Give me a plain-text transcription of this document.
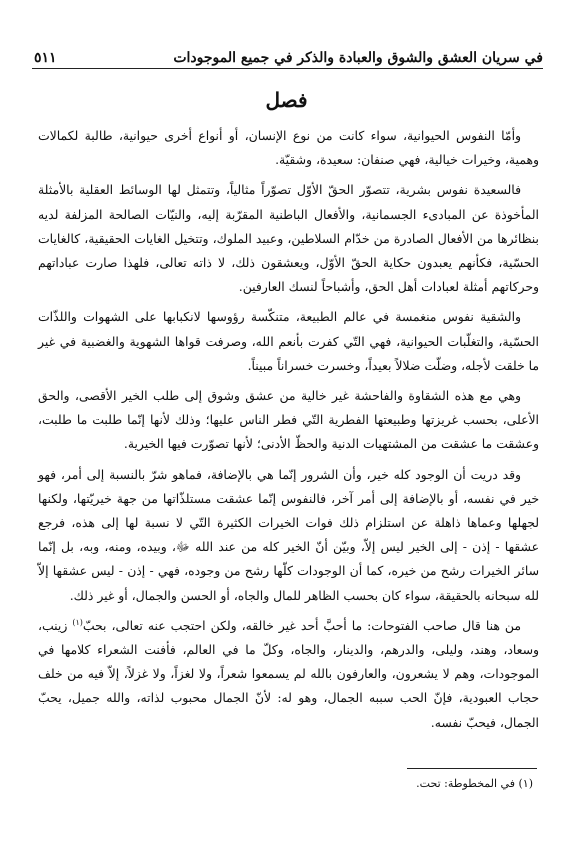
في سريان العشق والشوق والعبادة والذكر في جميع الموجودات
٥١١
فصل

وأمّا النفوس الحيوانية، سواء كانت من نوع الإنسان، أو أنواع أخرى حيوانية، طالبة لكمالات وهمية، وخيرات خيالية، فهي صنفان: سعيدة، وشقيّة.

فالسعيدة نفوس بشرية، تتصوّر الحقّ الأوّل تصوّراً مثالياً، وتتمثل لها الوسائط العقلية بالأمثلة المأخوذة عن المبادىء الجسمانية، والأفعال الباطنية المقرّبة إليه، والنيّات الصالحة المزلفة لديه بنظائرها من الأفعال الصادرة من خدّام السلاطين، وعبيد الملوك، وتتخيل الغايات الحقيقية، كالغايات الحسّية، فكأنهم يعبدون حكاية الحقّ الأوّل، ويعشقون ذلك، لا ذاته تعالى، فلهذا صارت عباداتهم وحركاتهم أمثلة لعبادات أهل الحق، وأشباحاً لنسك العارفين.

والشقية نفوس منغمسة في عالم الطبيعة، متنكّسة رؤوسها لانكبابها على الشهوات واللذّات الحسّية، والتغلّبات الحيوانية، فهي التّي كفرت بأنعم الله، وصرفت قواها الشهوية والغضبية في غير ما خلقت لأجله، وضلّت ضلالاً بعيداً، وخسرت خسراناً مبيناً.

وهي مع هذه الشقاوة والفاحشة غير خالية من عشق وشوق إلى طلب الخير الأقصى، والحق الأعلى، بحسب غريزتها وطبيعتها الفطرية التّي فطر الناس عليها؛ وذلك لأنها إنّما طلبت ما طلبت، وعشقت ما عشقت من المشتهيات الدنية والحظّ الأدنى؛ لأنها تصوّرت فيها الخيرية.

وقد دريت أن الوجود كله خير، وأن الشرور إنّما هي بالإضافة، فماهو شرّ بالنسبة إلى أمر، فهو خير في نفسه، أو بالإضافة إلى أمر آخر، فالنفوس إنّما عشقت مستلذّاتها من جهة خيريّتها، ولكنها لجهلها وعماها ذاهلة عن استلزام ذلك فوات الخيرات الكثيرة التّي لا نسبة لها إلى هذه، فرجع عشقها - إذن - إلى الخير ليس إلاّ، وبيّن أنّ الخير كله من عند الله ﷻ، وبيده، ومنه، وبه، بل إنّما سائر الخيرات رشح من خيره، كما أن الوجودات كلّها رشح من وجوده، فهي - إذن - ليس عشقها إلاّ لله سبحانه بالحقيقة، سواء كان بحسب الظاهر للمال والجاه، أو الحسن والجمال، أو غير ذلك.

من هنا قال صاحب الفتوحات: ما أحبَّ أحد غير خالقه، ولكن احتجب عنه تعالى، بحبّ$^{(١)}$ زينب، وسعاد، وهند، وليلى، والدرهم، والدينار، والجاه، وكلّ ما في العالم، فأفنت الشعراء كلامها في الموجودات، وهم لا يشعرون، والعارفون بالله لم يسمعوا شعراً، ولا لغزاً، ولا غزلاً، إلاّ فيه من خلف حجاب العبودية، فإنّ الحب سببه الجمال، وهو له: لأنّ الجمال محبوب لذاته، والله جميل، يحبّ الجمال، فيحبّ نفسه.

(١) في المخطوطة: تحت.
